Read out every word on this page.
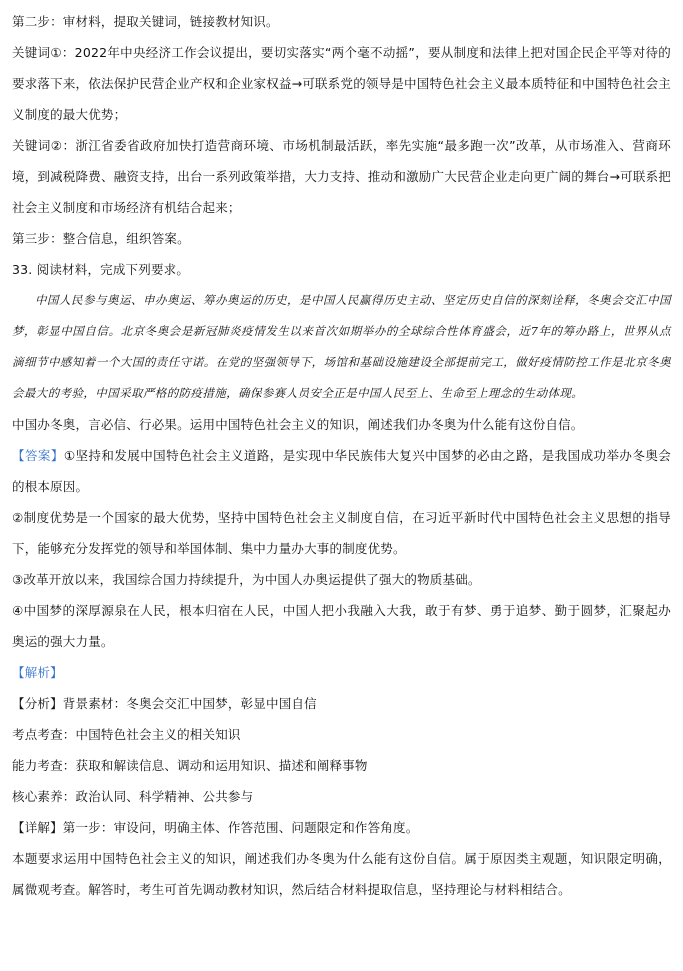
第二步：审材料，提取关键词，链接教材知识。

关键词①：2022年中央经济工作会议提出，要切实落实“两个毫不动摇”，要从制度和法律上把对国企民企平等对待的要求落下来，依法保护民营企业产权和企业家权益→可联系党的领导是中国特色社会主义最本质特征和中国特色社会主义制度的最大优势；

关键词②：浙江省委省政府加快打造营商环境、市场机制最活跃，率先实施“最多跑一次”改革，从市场准入、营商环境，到减税降费、融资支持，出台一系列政策举措，大力支持、推动和激励广大民营企业走向更广阔的舞台→可联系把社会主义制度和市场经济有机结合起来；

第三步：整合信息，组织答案。

33. 阅读材料，完成下列要求。

中国人民参与奥运、申办奥运、筹办奥运的历史，是中国人民赢得历史主动、坚定历史自信的深刻诠释，冬奥会交汇中国梦，彰显中国自信。北京冬奥会是新冠肺炎疫情发生以来首次如期举办的全球综合性体育盛会，近7年的筹办路上，世界从点滴细节中感知着一个大国的责任守诺。在党的坚强领导下，场馆和基础设施建设全部提前完工，做好疫情防控工作是北京冬奥会最大的考验，中国采取严格的防疫措施，确保参赛人员安全正是中国人民至上、生命至上理念的生动体现。

中国办冬奥，言必信、行必果。运用中国特色社会主义的知识，阐述我们办冬奥为什么能有这份自信。

【答案】①坚持和发展中国特色社会主义道路，是实现中华民族伟大复兴中国梦的必由之路，是我国成功举办冬奥会的根本原因。

②制度优势是一个国家的最大优势，坚持中国特色社会主义制度自信，在习近平新时代中国特色社会主义思想的指导下，能够充分发挥党的领导和举国体制、集中力量办大事的制度优势。

③改革开放以来，我国综合国力持续提升，为中国人办奥运提供了强大的物质基础。

④中国梦的深厚源泉在人民，根本归宿在人民，中国人把小我融入大我，敢于有梦、勇于追梦、勤于圆梦，汇聚起办奥运的强大力量。

【解析】

【分析】背景素材：冬奥会交汇中国梦，彰显中国自信

考点考查：中国特色社会主义的相关知识

能力考查：获取和解读信息、调动和运用知识、描述和阐释事物

核心素养：政治认同、科学精神、公共参与

【详解】第一步：审设问，明确主体、作答范围、问题限定和作答角度。

本题要求运用中国特色社会主义的知识，阐述我们办冬奥为什么能有这份自信。属于原因类主观题，知识限定明确，属微观考查。解答时，考生可首先调动教材知识，然后结合材料提取信息，坚持理论与材料相结合。
